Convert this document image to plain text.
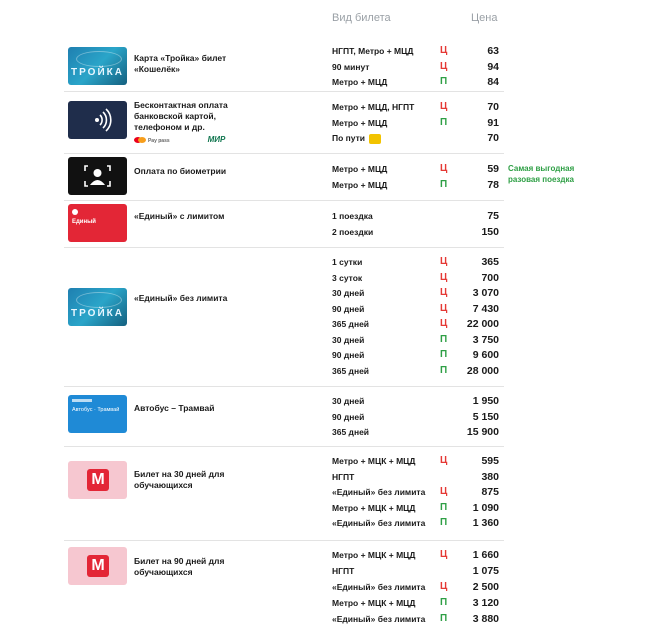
Вид билета	Цена
ТРОЙКА
Карта «Тройка» билет «Кошелёк»
НГПТ, Метро + МЦД	Ц	63
90 минут	Ц	94
Метро + МЦД	П	84
Бесконтактная оплата банковской картой, телефоном и др.
Pay pass	МИР
Метро + МЦД, НГПТ	Ц	70
Метро + МЦД	П	91
По пути	70
Оплата по биометрии	Метро + МЦД	Ц	59
Метро + МЦД	П	78
Единый
«Единый» с лимитом	1 поездка	75
2 поездки	150
ТРОЙКА
«Единый» без лимита
1 сутки	Ц	365
3 суток	Ц	700
30 дней	Ц 3 070
90 дней	Ц 7 430
365 дней	Ц 22 000
30 дней	П 3 750
90 дней	П 9 600
365 дней	П 28 000
Автобус · Трамвай Автобус – Трамвай
30 дней	1 950
90 дней	5 150
365 дней	15 900
M	Билет на 30 дней для обучающихся
Метро + МЦК + МЦД Ц	595
НГПТ	380
«Единый» без лимита Ц	875
Метро + МЦК + МЦД П 1 090
«Единый» без лимита П 1 360
M	Билет на 90 дней для обучающихся
Метро + МЦК + МЦД Ц 1 660
НГПТ	1 075
«Единый» без лимита Ц 2 500
Метро + МЦК + МЦД П 3 120
«Единый» без лимита П 3 880
Самая выгодная разовая поездка
